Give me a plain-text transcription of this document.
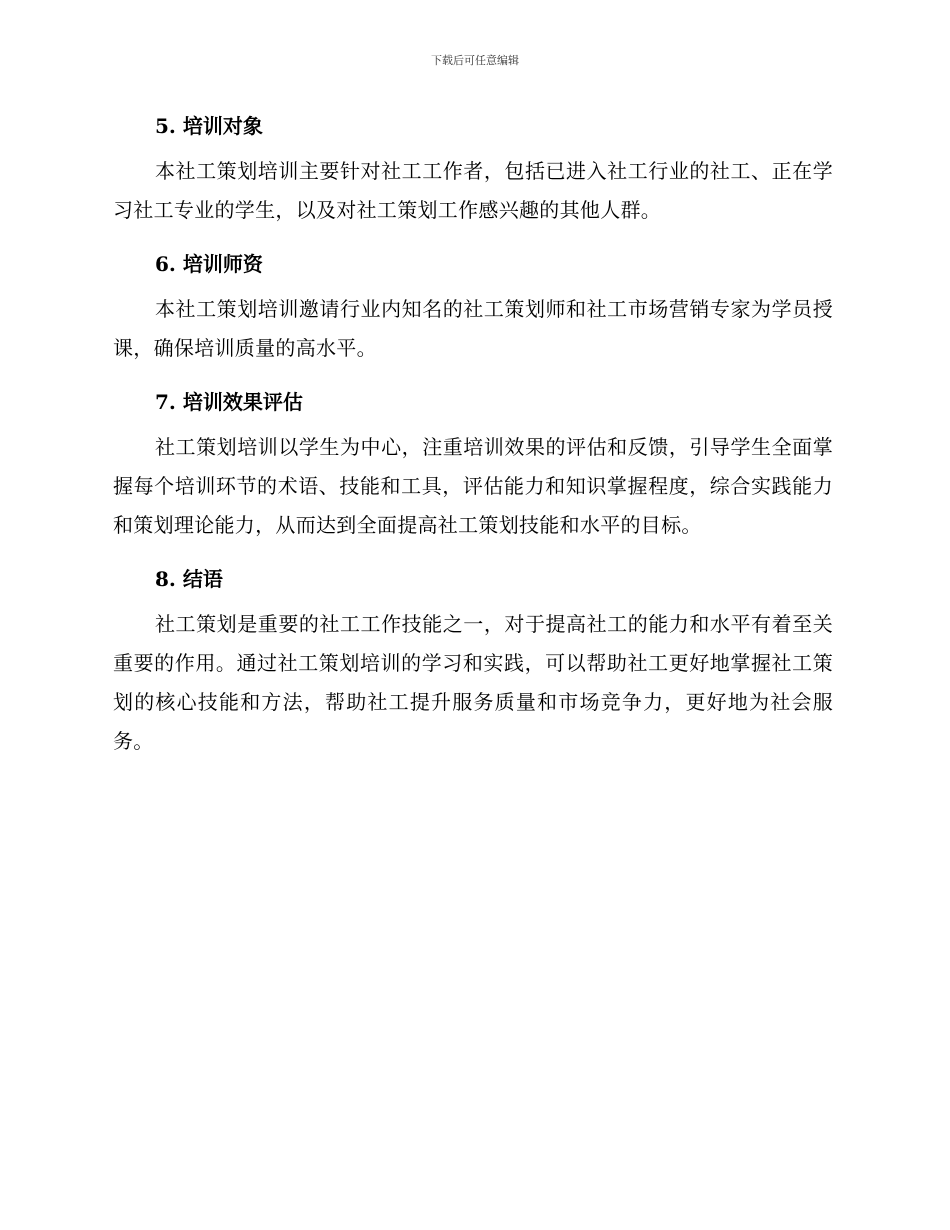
下载后可任意编辑
5. 培训对象

本社工策划培训主要针对社工工作者，包括已进入社工行业的社工、正在学习社工专业的学生，以及对社工策划工作感兴趣的其他人群。

6. 培训师资

本社工策划培训邀请行业内知名的社工策划师和社工市场营销专家为学员授课，确保培训质量的高水平。

7. 培训效果评估

社工策划培训以学生为中心，注重培训效果的评估和反馈，引导学生全面掌握每个培训环节的术语、技能和工具，评估能力和知识掌握程度，综合实践能力和策划理论能力，从而达到全面提高社工策划技能和水平的目标。

8. 结语

社工策划是重要的社工工作技能之一，对于提高社工的能力和水平有着至关重要的作用。通过社工策划培训的学习和实践，可以帮助社工更好地掌握社工策划的核心技能和方法，帮助社工提升服务质量和市场竞争力，更好地为社会服务。
